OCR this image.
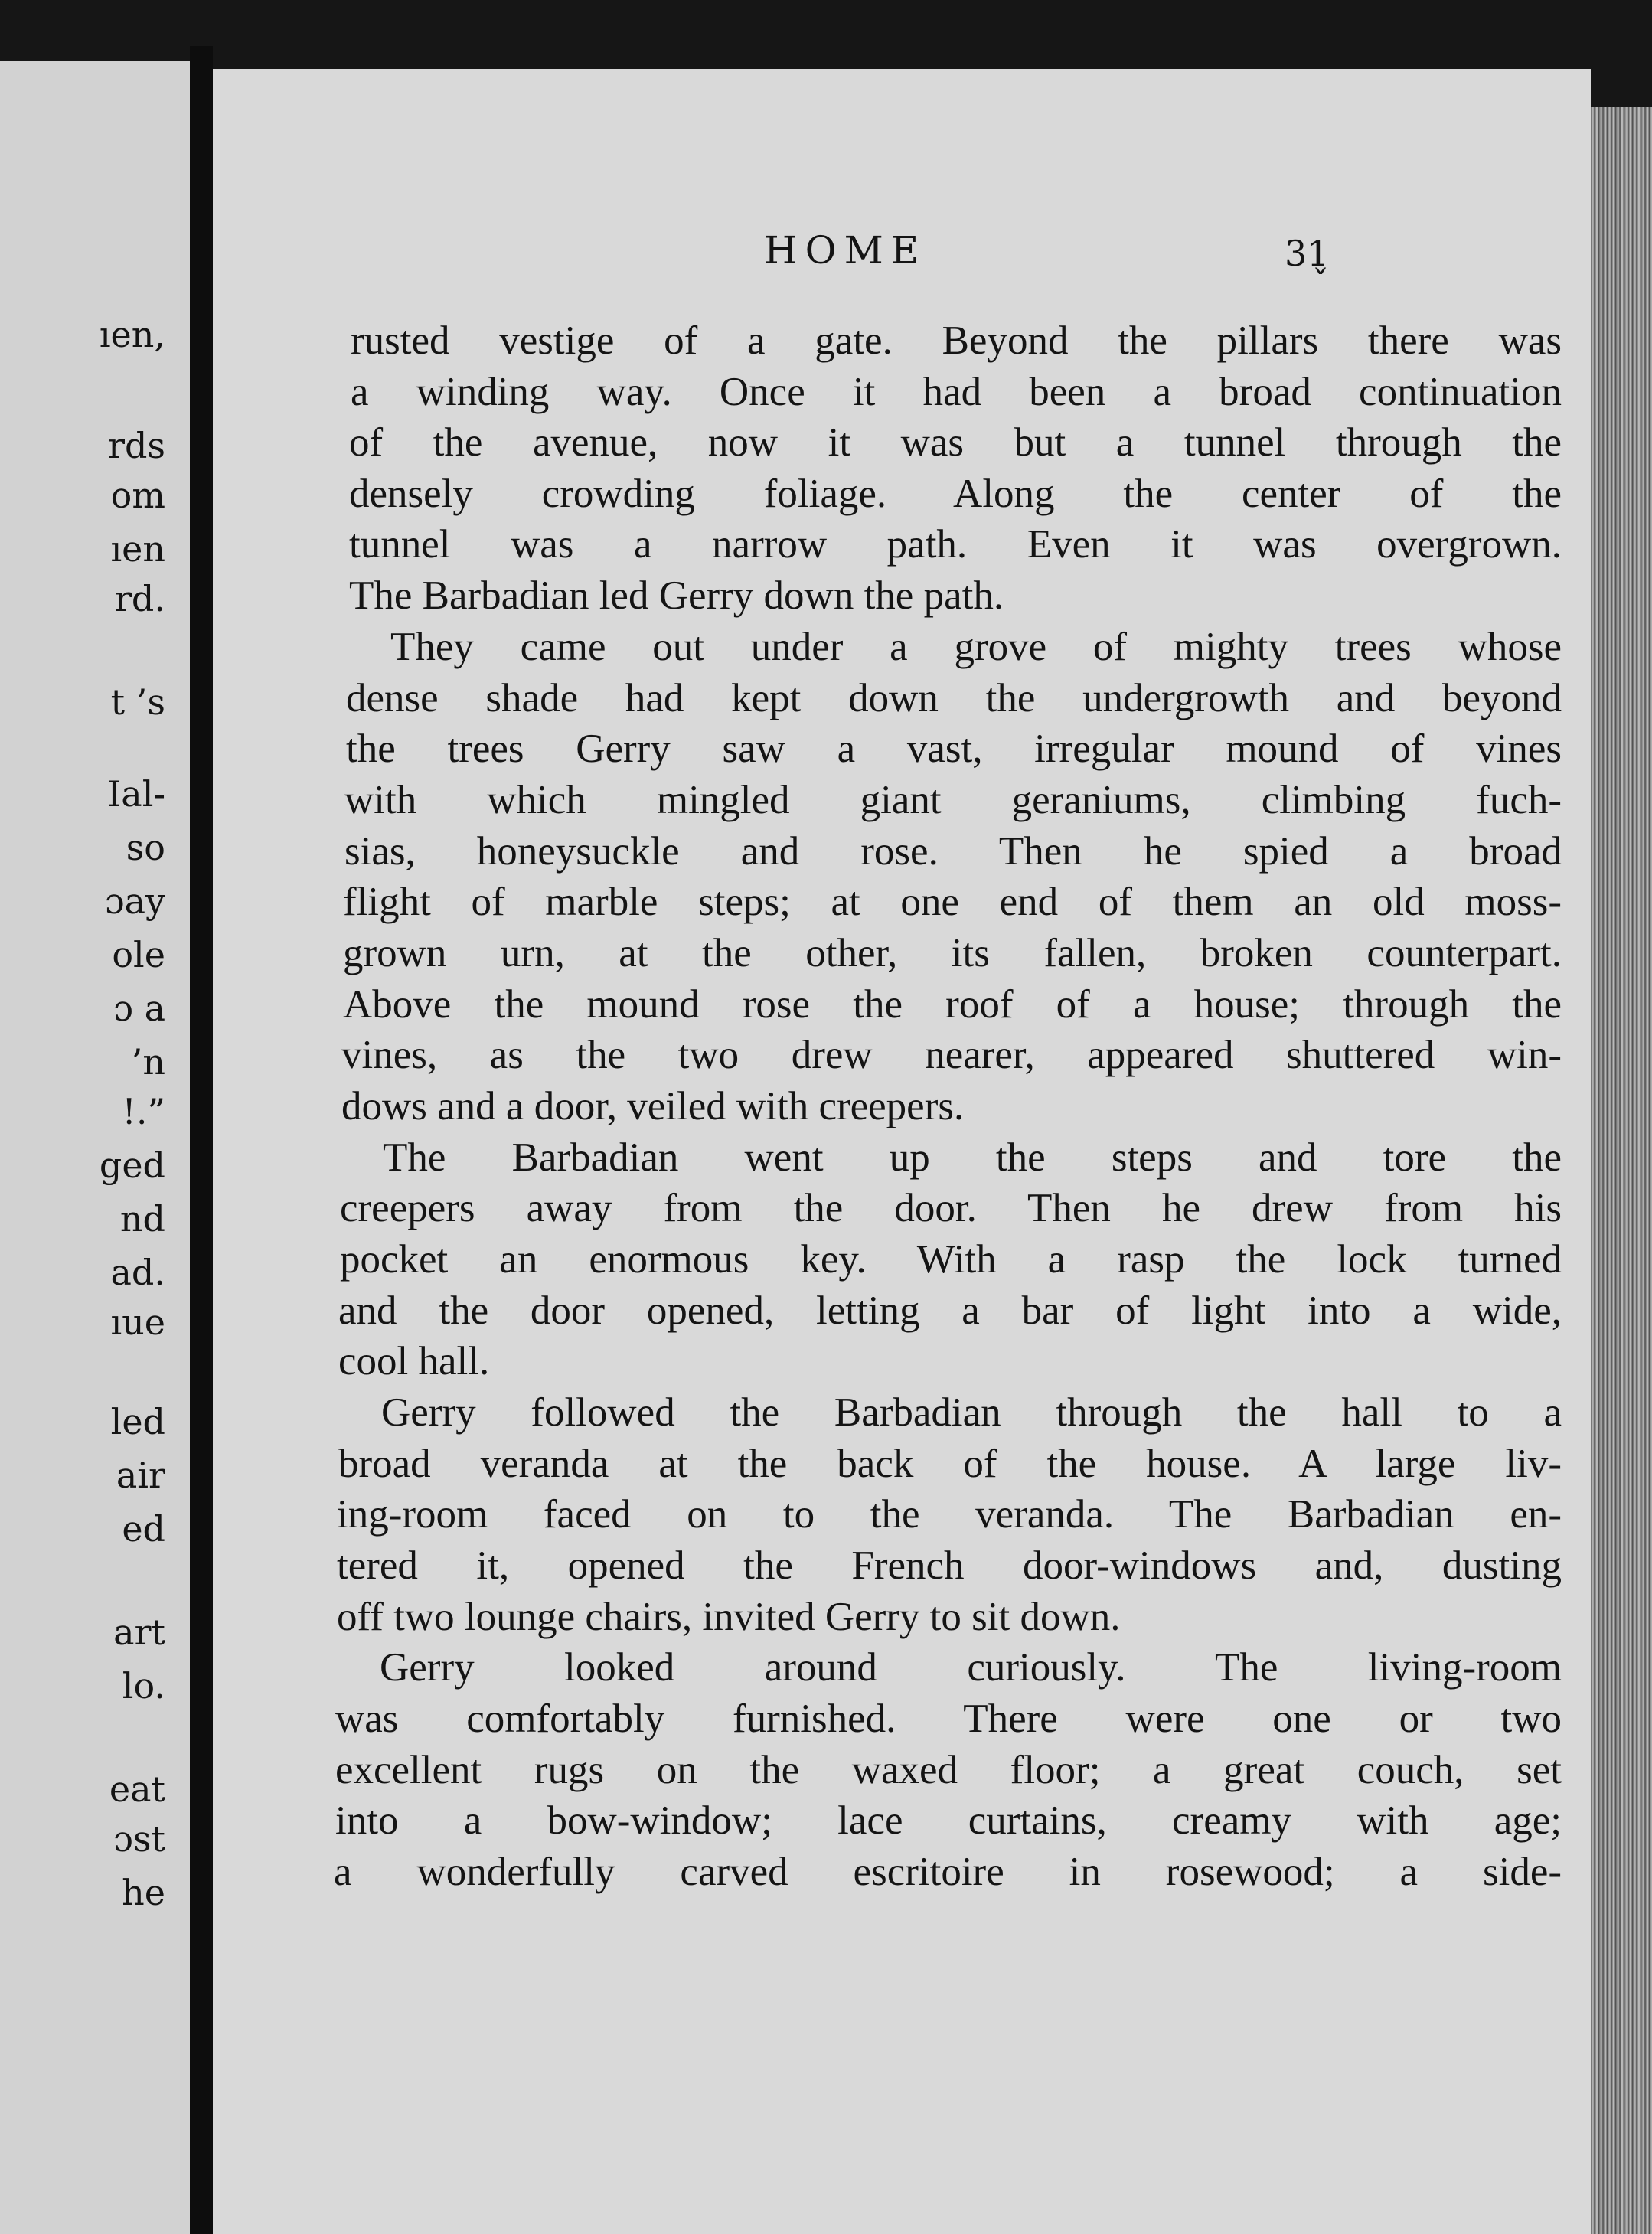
ıen,
rds
om
ıen
rd.
t ’s
Ial-
so
ɔay
ole
ɔ a
’n
!.”
ged
nd
ad.
ıue
led
air
ed
art
lo.
eat
ɔst
he
HOME	31̬
rusted vestige of a gate. Beyond the pillars there was
a winding way. Once it had been a broad continuation
of the avenue, now it was but a tunnel through the
densely crowding foliage. Along the center of the
tunnel was a narrow path. Even it was overgrown.
The Barbadian led Gerry down the path.
They came out under a grove of mighty trees whose
dense shade had kept down the undergrowth and beyond
the trees Gerry saw a vast, irregular mound of vines
with which mingled giant geraniums, climbing fuch-
sias, honeysuckle and rose. Then he spied a broad
flight of marble steps; at one end of them an old moss-
grown urn, at the other, its fallen, broken counterpart.
Above the mound rose the roof of a house; through the
vines, as the two drew nearer, appeared shuttered win-
dows and a door, veiled with creepers.
The Barbadian went up the steps and tore the
creepers away from the door. Then he drew from his
pocket an enormous key. With a rasp the lock turned
and the door opened, letting a bar of light into a wide,
cool hall.
Gerry followed the Barbadian through the hall to a
broad veranda at the back of the house. A large liv-
ing-room faced on to the veranda. The Barbadian en-
tered it, opened the French door-windows and, dusting
off two lounge chairs, invited Gerry to sit down.
Gerry looked around curiously. The living-room
was comfortably furnished. There were one or two
excellent rugs on the waxed floor; a great couch, set
into a bow-window; lace curtains, creamy with age;
a wonderfully carved escritoire in rosewood; a side-
